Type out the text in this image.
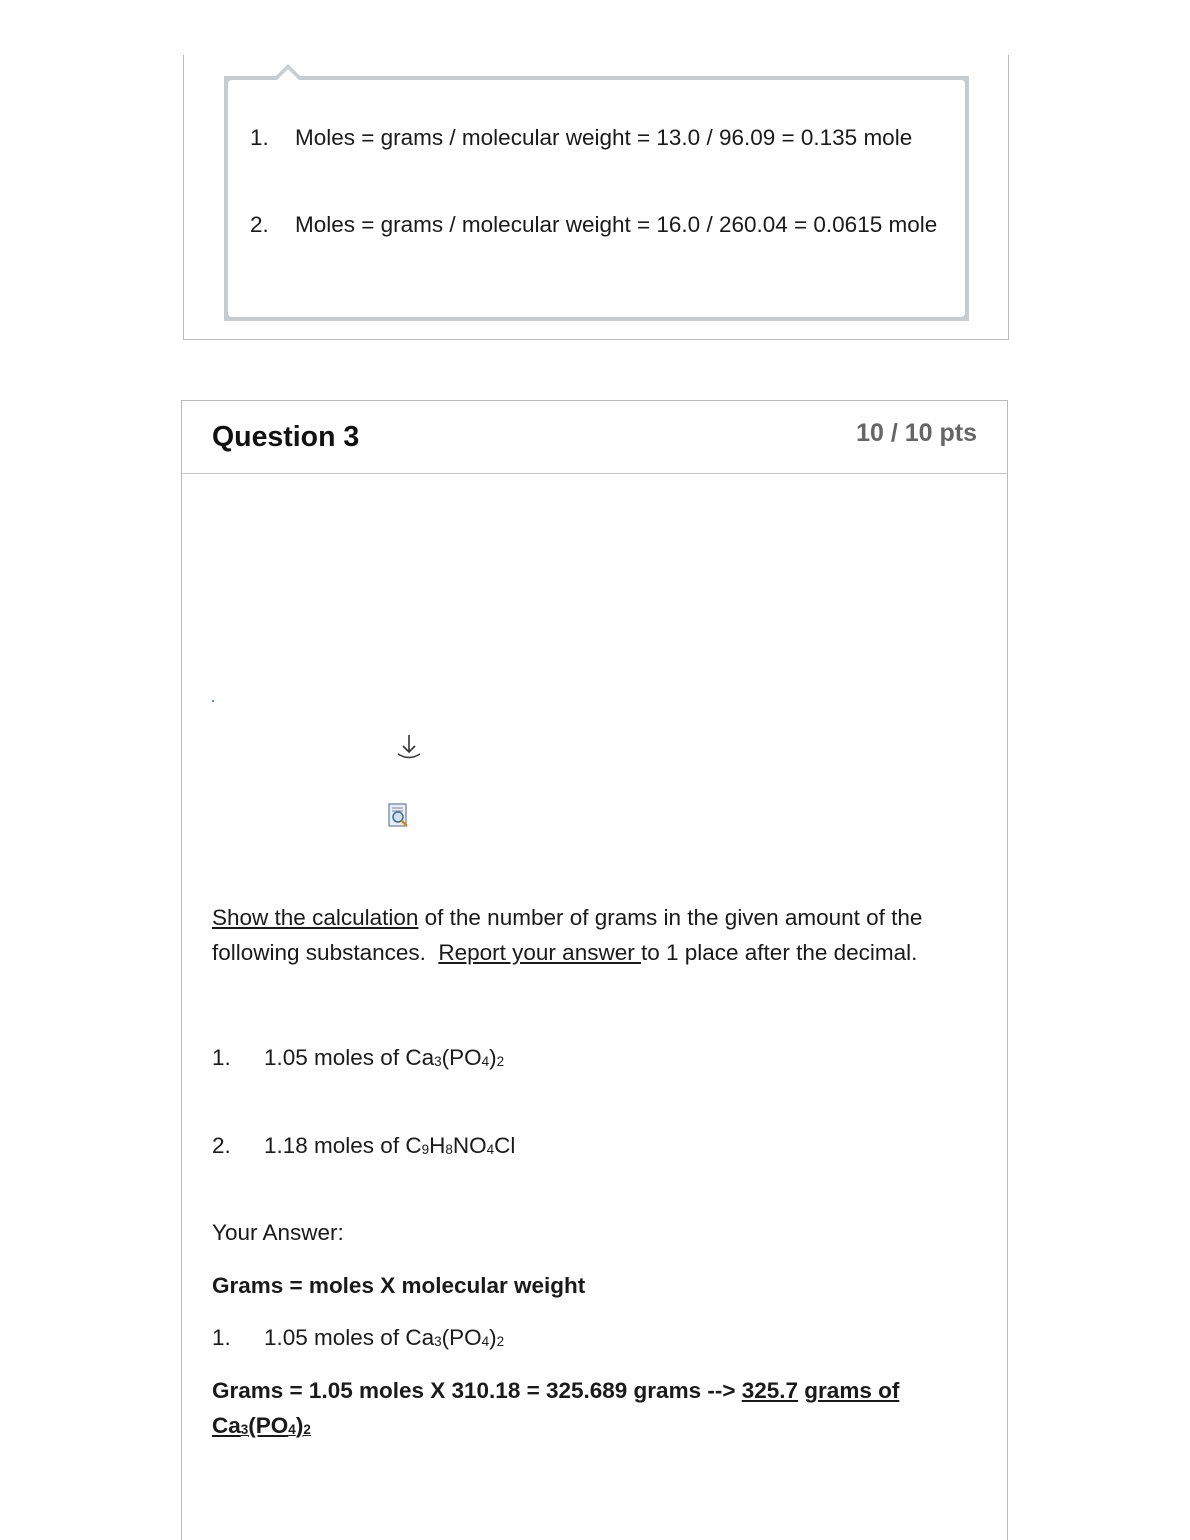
1. Moles = grams / molecular weight = 13.0 / 96.09 = 0.135 mole

2. Moles = grams / molecular weight = 16.0 / 260.04 = 0.0615 mole

Question 3	10 / 10 pts
Show the calculation of the number of grams in the given amount of the following substances.  Report your answer to 1 place after the decimal.
1. 1.05 moles of $Ca_3(PO_4)_2$
2. 1.18 moles of $C_9H_8NO_4Cl$
Your Answer:
Grams = moles X molecular weight
1. 1.05 moles of $Ca_3(PO_4)_2$
Grams = 1.05 moles X 310.18 = 325.689 grams --> 325.7 grams of
$Ca_3(PO_4)_2$
